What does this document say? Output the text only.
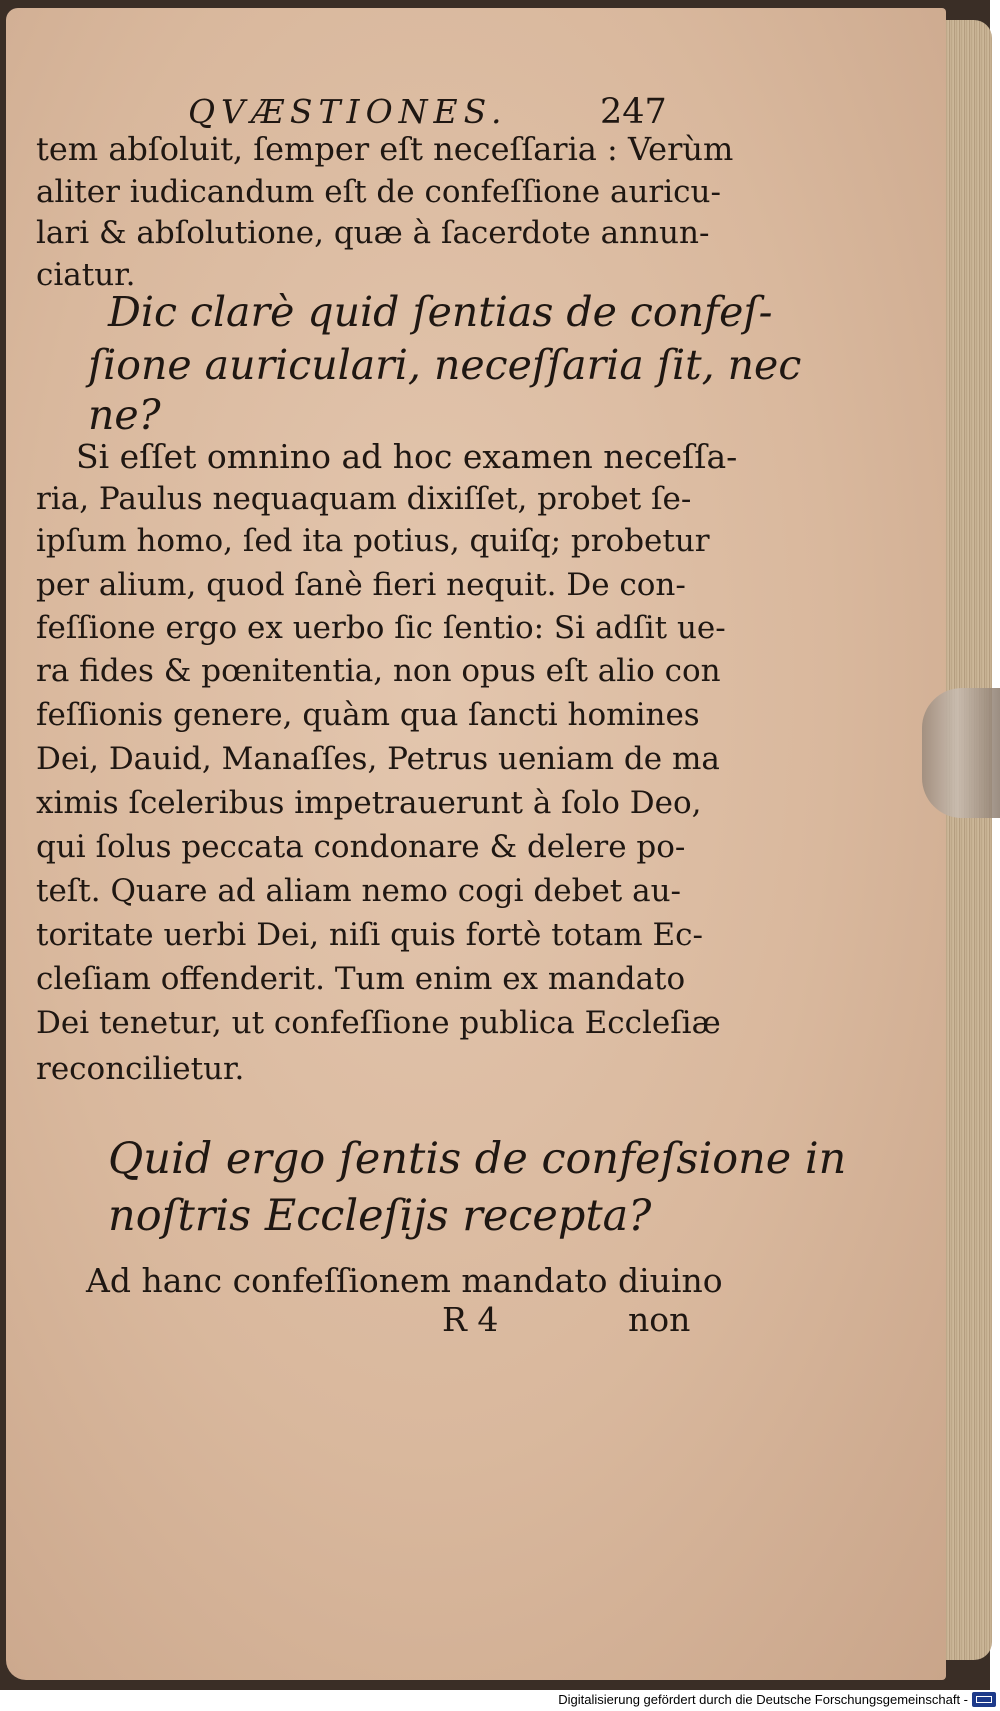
QVÆSTIONES.	247

tem abſoluit, ſemper eſt neceſſaria : Verùm

aliter iudicandum eſt de confeſſione auricu-

lari & abſolutione, quæ à ſacerdote annun-

ciatur.

Dic clarè quid ſentias de confeſ-

ſione auriculari, neceſſaria ſit, nec

ne?

Si eſſet omnino ad hoc examen neceſſa-

ria, Paulus nequaquam dixiſſet, probet ſe-

ipſum homo, ſed ita potius, quiſq; probetur

per alium, quod ſanè fieri nequit. De con-

feſſione ergo ex uerbo ſic ſentio: Si adſit ue-

ra fides & pœnitentia, non opus eſt alio con

feſſionis genere, quàm qua ſancti homines

Dei, Dauid, Manaſſes, Petrus ueniam de ma

ximis ſceleribus impetrauerunt à ſolo Deo,

qui ſolus peccata condonare & delere po-

teſt. Quare ad aliam nemo cogi debet au-

toritate uerbi Dei, niſi quis fortè totam Ec-

cleſiam offenderit. Tum enim ex mandato

Dei tenetur, ut confeſſione publica Eccleſiæ

reconcilietur.

Quid ergo ſentis de confeſsione in

noſtris Eccleſijs recepta?

Ad hanc confeſſionem mandato diuino

R 4	non

Digitalisierung gefördert durch die Deutsche Forschungsgemeinschaft -
